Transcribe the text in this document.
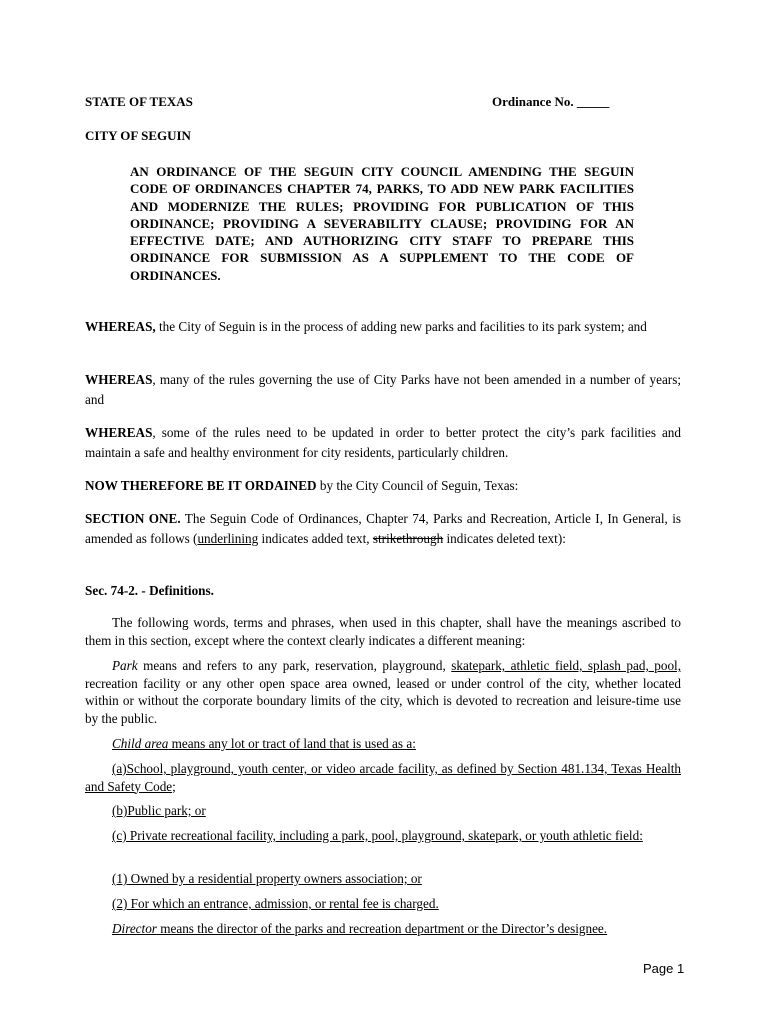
STATE OF TEXAS	Ordinance No. _____
CITY OF SEGUIN
AN ORDINANCE OF THE SEGUIN CITY COUNCIL AMENDING THE SEGUIN CODE OF ORDINANCES CHAPTER 74, PARKS, TO ADD NEW PARK FACILITIES AND MODERNIZE THE RULES; PROVIDING FOR PUBLICATION OF THIS ORDINANCE; PROVIDING A SEVERABILITY CLAUSE; PROVIDING FOR AN EFFECTIVE DATE; AND AUTHORIZING CITY STAFF TO PREPARE THIS ORDINANCE FOR SUBMISSION AS A SUPPLEMENT TO THE CODE OF ORDINANCES.
WHEREAS, the City of Seguin is in the process of adding new parks and facilities to its park system; and
WHEREAS, many of the rules governing the use of City Parks have not been amended in a number of years; and
WHEREAS, some of the rules need to be updated in order to better protect the city’s park facilities and maintain a safe and healthy environment for city residents, particularly children.
NOW THEREFORE BE IT ORDAINED by the City Council of Seguin, Texas:
SECTION ONE. The Seguin Code of Ordinances, Chapter 74, Parks and Recreation, Article I, In General, is amended as follows (underlining indicates added text, strikethrough indicates deleted text):
Sec. 74-2. - Definitions.
The following words, terms and phrases, when used in this chapter, shall have the meanings ascribed to them in this section, except where the context clearly indicates a different meaning:
Park means and refers to any park, reservation, playground, skatepark, athletic field, splash pad, pool, recreation facility or any other open space area owned, leased or under control of the city, whether located within or without the corporate boundary limits of the city, which is devoted to recreation and leisure-time use by the public.
Child area means any lot or tract of land that is used as a:
(a)School, playground, youth center, or video arcade facility, as defined by Section 481.134, Texas Health and Safety Code;
(b)Public park; or
(c) Private recreational facility, including a park, pool, playground, skatepark, or youth athletic field:
(1) Owned by a residential property owners association; or
(2) For which an entrance, admission, or rental fee is charged.
Director means the director of the parks and recreation department or the Director’s designee.
Page 1
